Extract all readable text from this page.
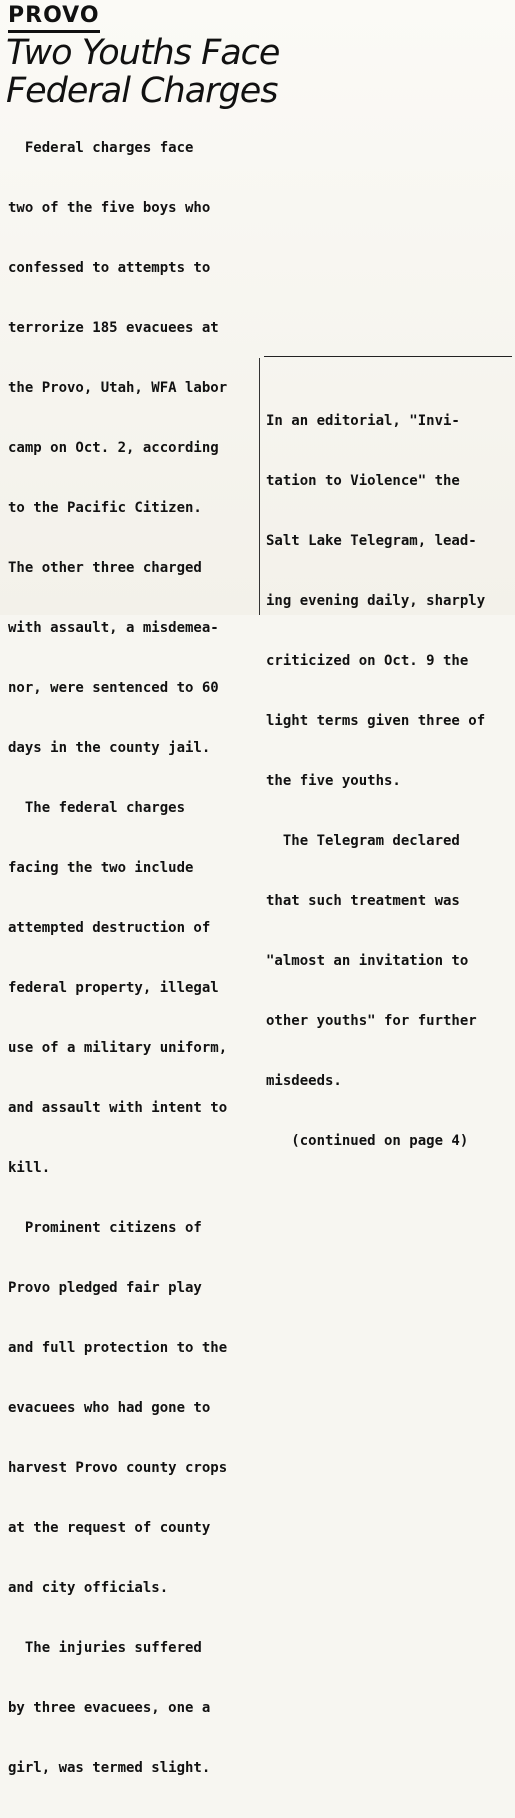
PROVO
Two Youths Face
Federal Charges

Federal charges face

two of the five boys who

confessed to attempts to

terrorize 185 evacuees at

the Provo, Utah, WFA labor

camp on Oct. 2, according

to the Pacific Citizen.

The other three charged

with assault, a misdemea-

nor, were sentenced to 60

days in the county jail.

The federal charges

facing the two include

attempted destruction of

federal property, illegal

use of a military uniform,

and assault with intent to

kill.

Prominent citizens of

Provo pledged fair play

and full protection to the

evacuees who had gone to

harvest Provo county crops

at the request of county

and city officials.

The injuries suffered

by three evacuees, one a

girl, was termed slight.

In an editorial, "Invi-

tation to Violence" the

Salt Lake Telegram, lead-

ing evening daily, sharply

criticized on Oct. 9 the

light terms given three of

the five youths.

The Telegram declared

that such treatment was

"almost an invitation to

other youths" for further

misdeeds.

(continued on page 4)
